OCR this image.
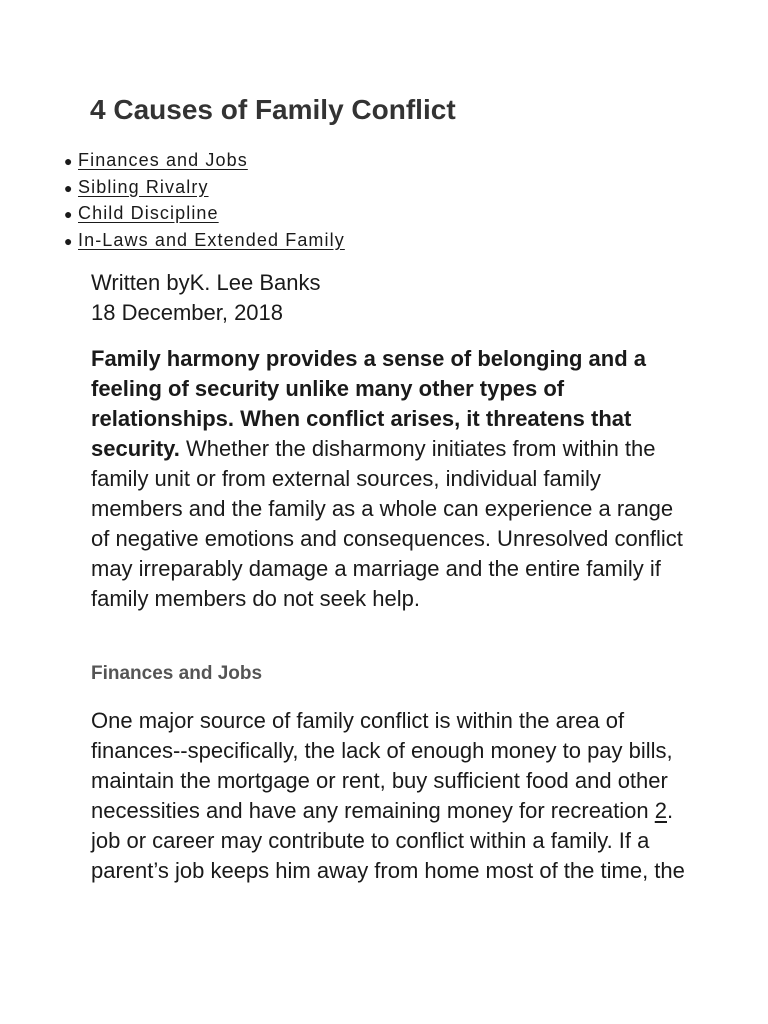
4 Causes of Family Conflict
● Finances and Jobs
● Sibling Rivalry
● Child Discipline
● In-Laws and Extended Family
Written byK. Lee Banks
18 December, 2018

Family harmony provides a sense of belonging and a feeling of security unlike many other types of relationships. When conflict arises, it threatens that security. Whether the disharmony initiates from within the family unit or from external sources, individual family members and the family as a whole can experience a range of negative emotions and consequences. Unresolved conflict may irreparably damage a marriage and the entire family if family members do not seek help.

Finances and Jobs

One major source of family conflict is within the area of finances--specifically, the lack of enough money to pay bills, maintain the mortgage or rent, buy sufficient food and other necessities and have any remaining money for recreation 2. job or career may contribute to conflict within a family. If a parent’s job keeps him away from home most of the time, the
